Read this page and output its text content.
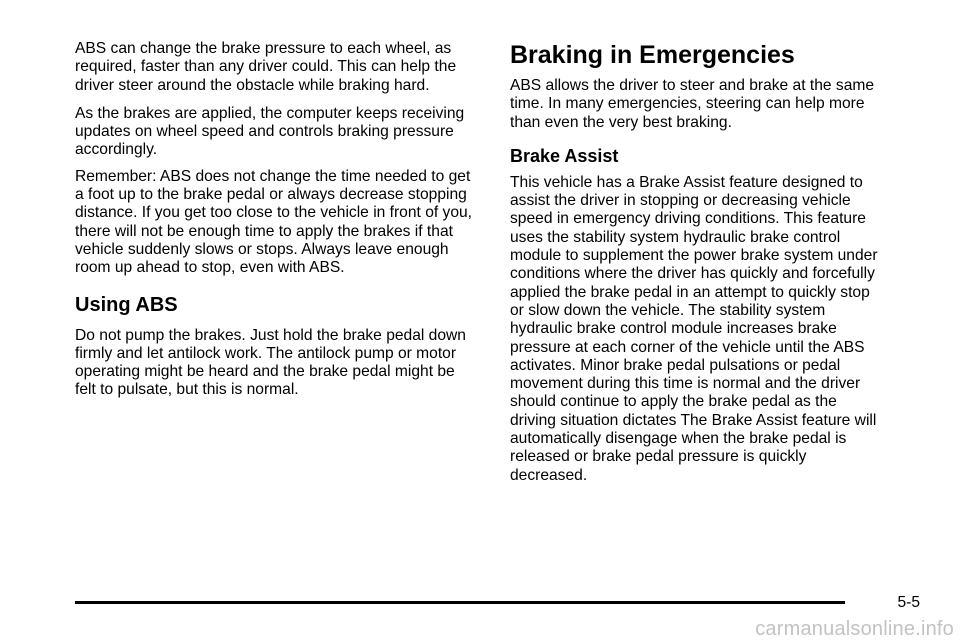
ABS can change the brake pressure to each wheel, as required, faster than any driver could. This can help the driver steer around the obstacle while braking hard.

As the brakes are applied, the computer keeps receiving updates on wheel speed and controls braking pressure accordingly.

Remember: ABS does not change the time needed to get a foot up to the brake pedal or always decrease stopping distance. If you get too close to the vehicle in front of you, there will not be enough time to apply the brakes if that vehicle suddenly slows or stops. Always leave enough room up ahead to stop, even with ABS.

Using ABS

Do not pump the brakes. Just hold the brake pedal down firmly and let antilock work. The antilock pump or motor operating might be heard and the brake pedal might be felt to pulsate, but this is normal.

Braking in Emergencies

ABS allows the driver to steer and brake at the same time. In many emergencies, steering can help more than even the very best braking.

Brake Assist

This vehicle has a Brake Assist feature designed to assist the driver in stopping or decreasing vehicle speed in emergency driving conditions. This feature uses the stability system hydraulic brake control module to supplement the power brake system under conditions where the driver has quickly and forcefully applied the brake pedal in an attempt to quickly stop or slow down the vehicle. The stability system hydraulic brake control module increases brake pressure at each corner of the vehicle until the ABS activates. Minor brake pedal pulsations or pedal movement during this time is normal and the driver should continue to apply the brake pedal as the driving situation dictates The Brake Assist feature will automatically disengage when the brake pedal is released or brake pedal pressure is quickly decreased.

5-5
carmanualsonline.info
